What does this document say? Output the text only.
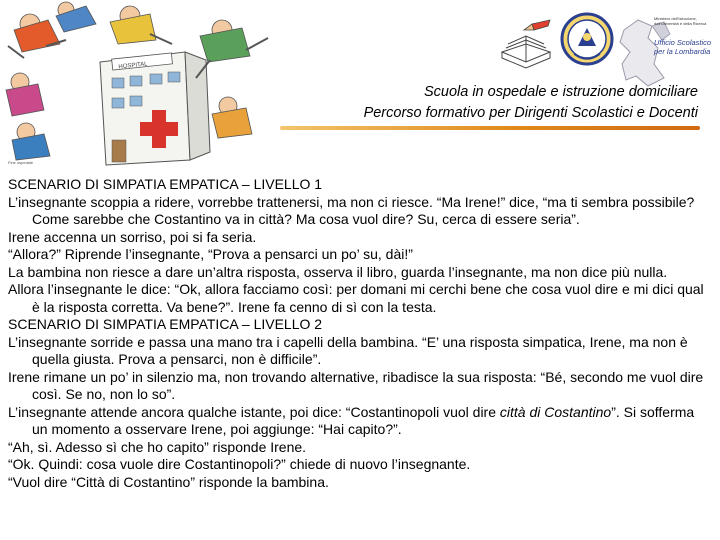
HOSPITAL
Fine ospedale
Ministero dell'Istruzione,
dell'Università e della Ricerca
Ufficio Scolastico per la Lombardia
Scuola in ospedale e istruzione domiciliare
Percorso formativo per Dirigenti Scolastici e Docenti

SCENARIO DI SIMPATIA EMPATICA – LIVELLO 1

L’insegnante scoppia a ridere, vorrebbe trattenersi, ma non ci riesce. “Ma Irene!” dice, “ma ti sembra possibile? Come sarebbe che Costantino va in città? Ma cosa vuol dire? Su, cerca di essere seria”.

Irene accenna un sorriso, poi si fa seria.

“Allora?” Riprende l’insegnante, “Prova a pensarci un po’ su, dài!”

La bambina non riesce a dare un’altra risposta, osserva il libro, guarda l’insegnante, ma non dice più nulla.

Allora l’insegnante le dice: “Ok, allora facciamo così: per domani mi cerchi bene che cosa vuol dire e mi dici qual è la risposta corretta. Va bene?”. Irene fa cenno di sì con la testa.

SCENARIO DI SIMPATIA EMPATICA – LIVELLO 2

L’insegnante sorride e passa una mano tra i capelli della bambina. “E’ una risposta simpatica, Irene, ma non è quella giusta. Prova a pensarci, non è difficile”.

Irene rimane un po’ in silenzio ma, non trovando alternative, ribadisce la sua risposta: “Bé, secondo me vuol dire così. Se no, non lo so”.

L’insegnante attende ancora qualche istante, poi dice: “Costantinopoli vuol dire città di Costantino”. Si sofferma un momento a osservare Irene, poi aggiunge: “Hai capito?”.

“Ah, sì. Adesso sì che ho capito” risponde Irene.

“Ok. Quindi: cosa vuole dire Costantinopoli?” chiede di nuovo l’insegnante.

“Vuol dire “Città di Costantino” risponde la bambina.
